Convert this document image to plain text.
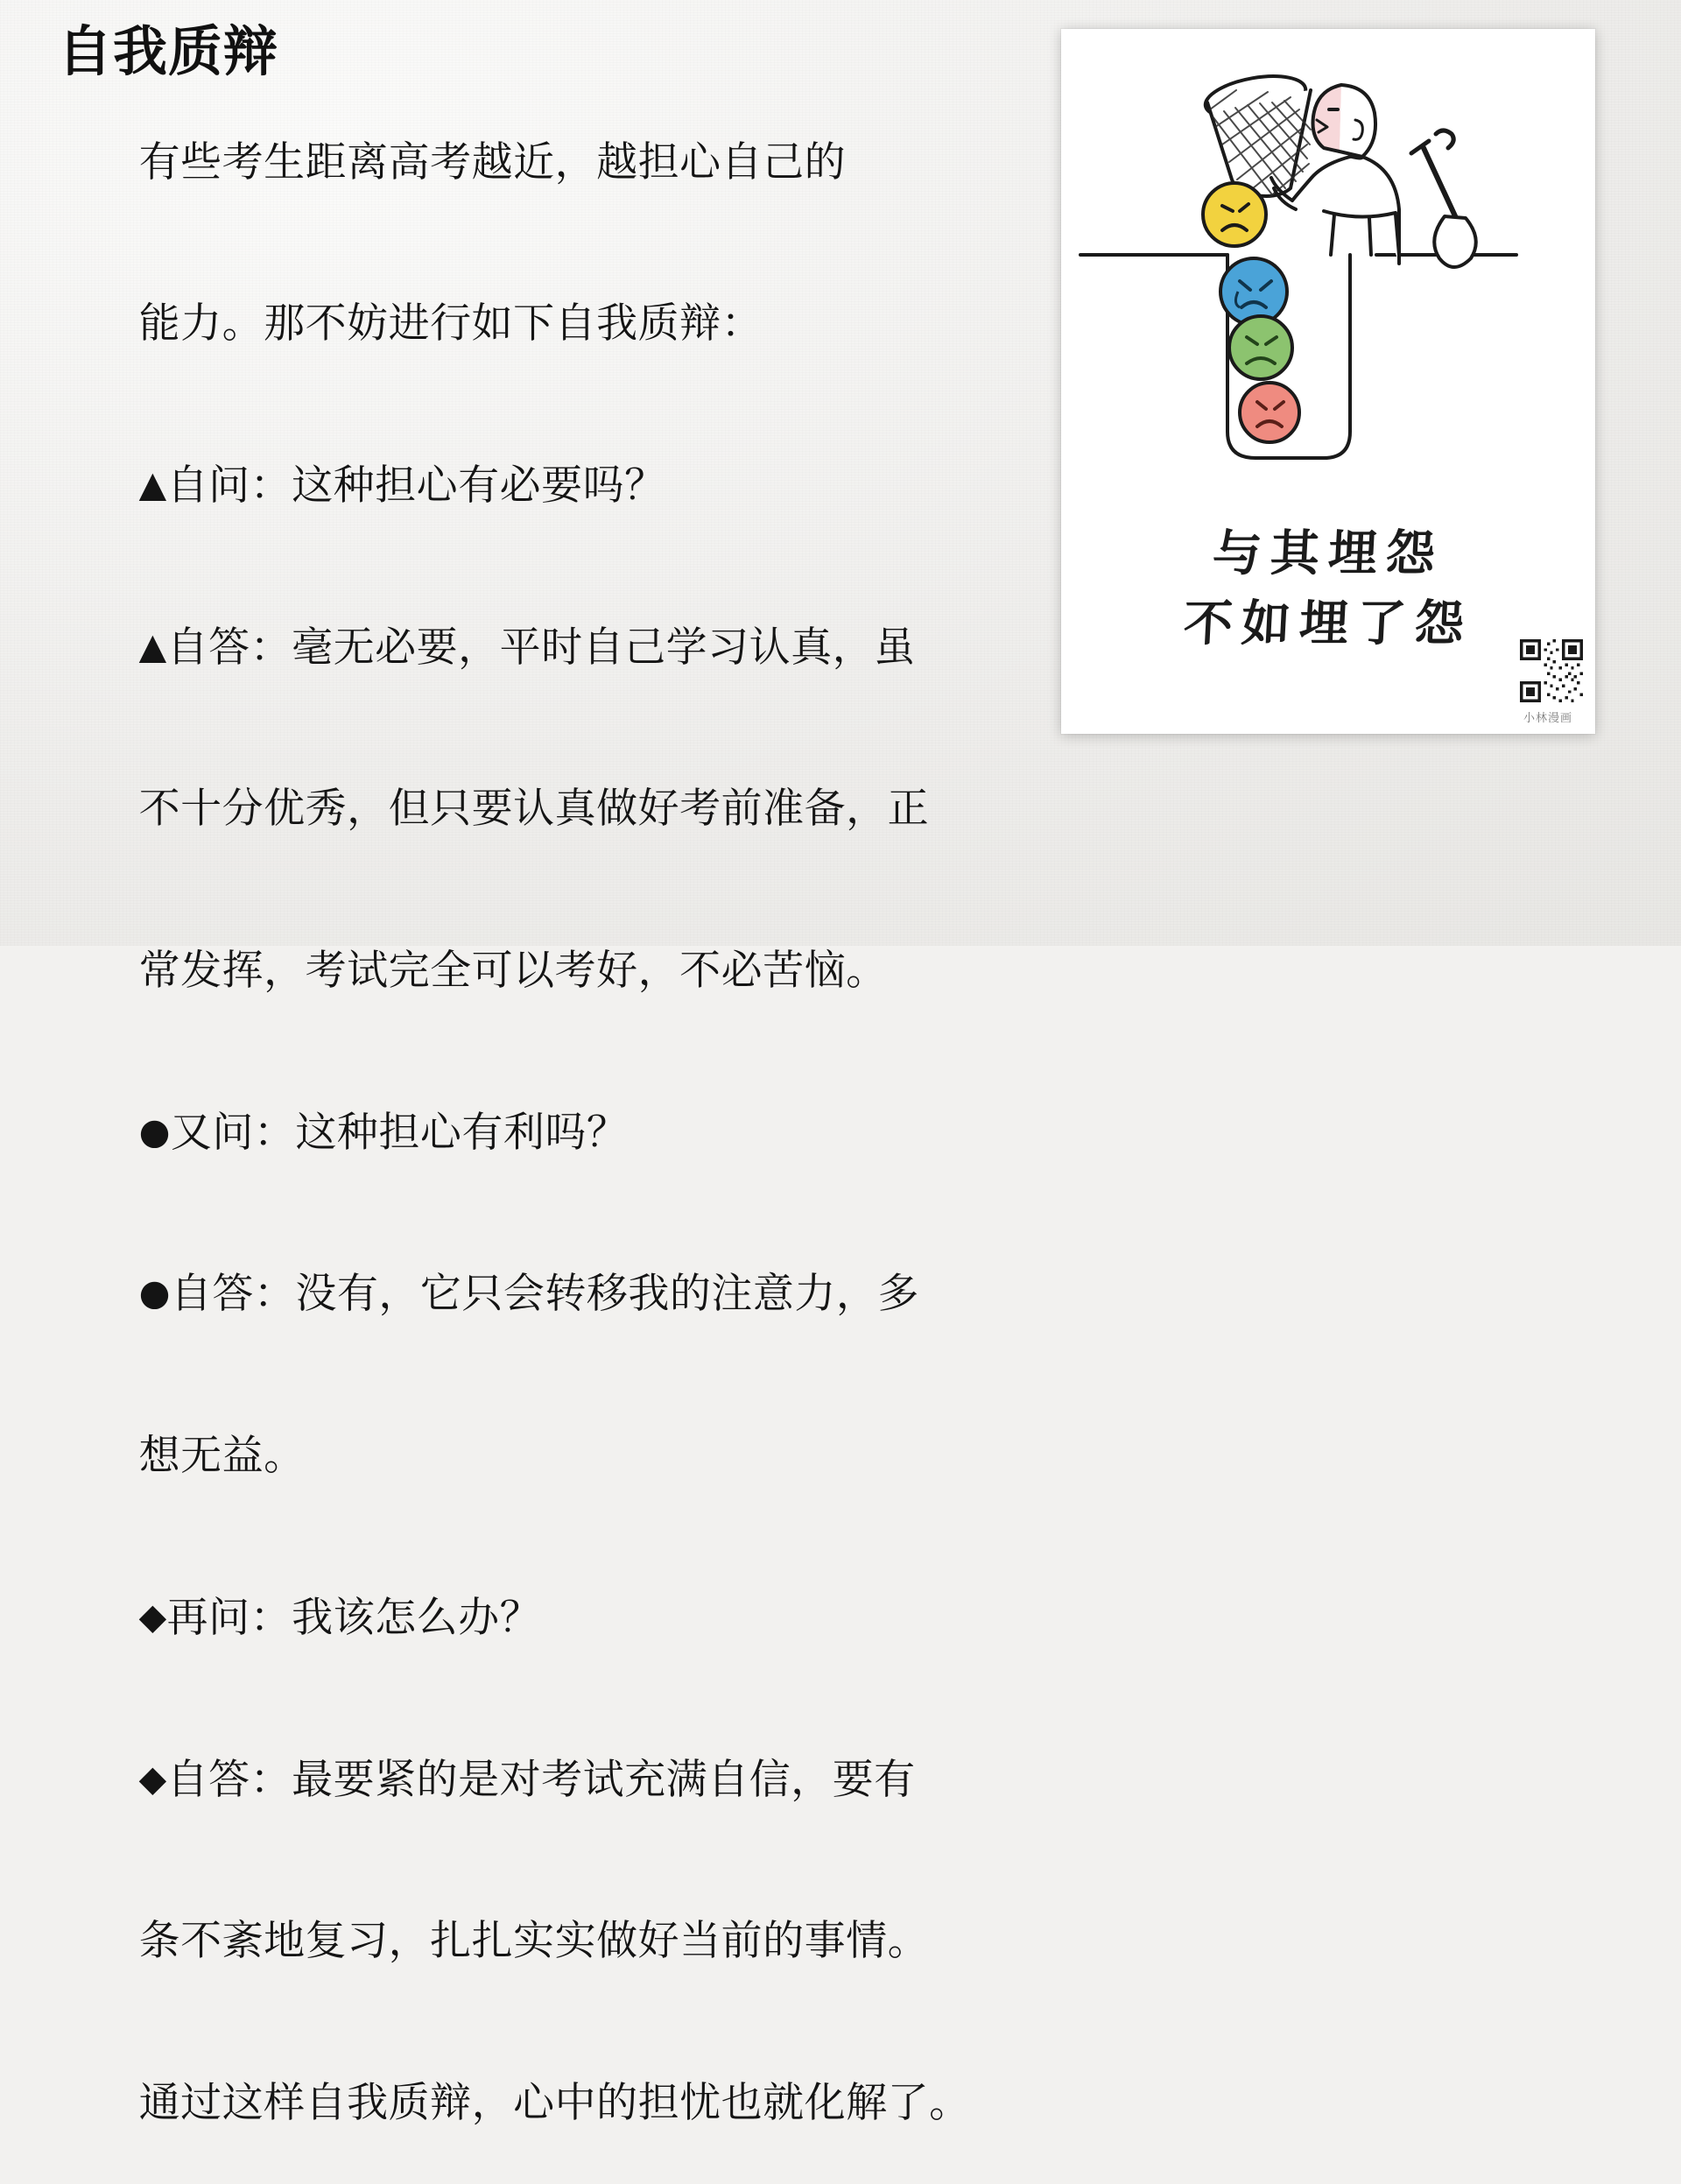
自我质辩

有些考生距离高考越近，越担心自己的

能力。那不妨进行如下自我质辩：

▲自问：这种担心有必要吗？

▲自答：毫无必要，平时自己学习认真，虽

不十分优秀，但只要认真做好考前准备，正

常发挥，考试完全可以考好，不必苦恼。

●又问：这种担心有利吗？

●自答：没有，它只会转移我的注意力，多

想无益。

◆再问：我该怎么办？

◆自答：最要紧的是对考试充满自信，要有

条不紊地复习，扎扎实实做好当前的事情。

通过这样自我质辩，心中的担忧也就化解了。

与其埋怨
不如埋了怨
小林漫画
